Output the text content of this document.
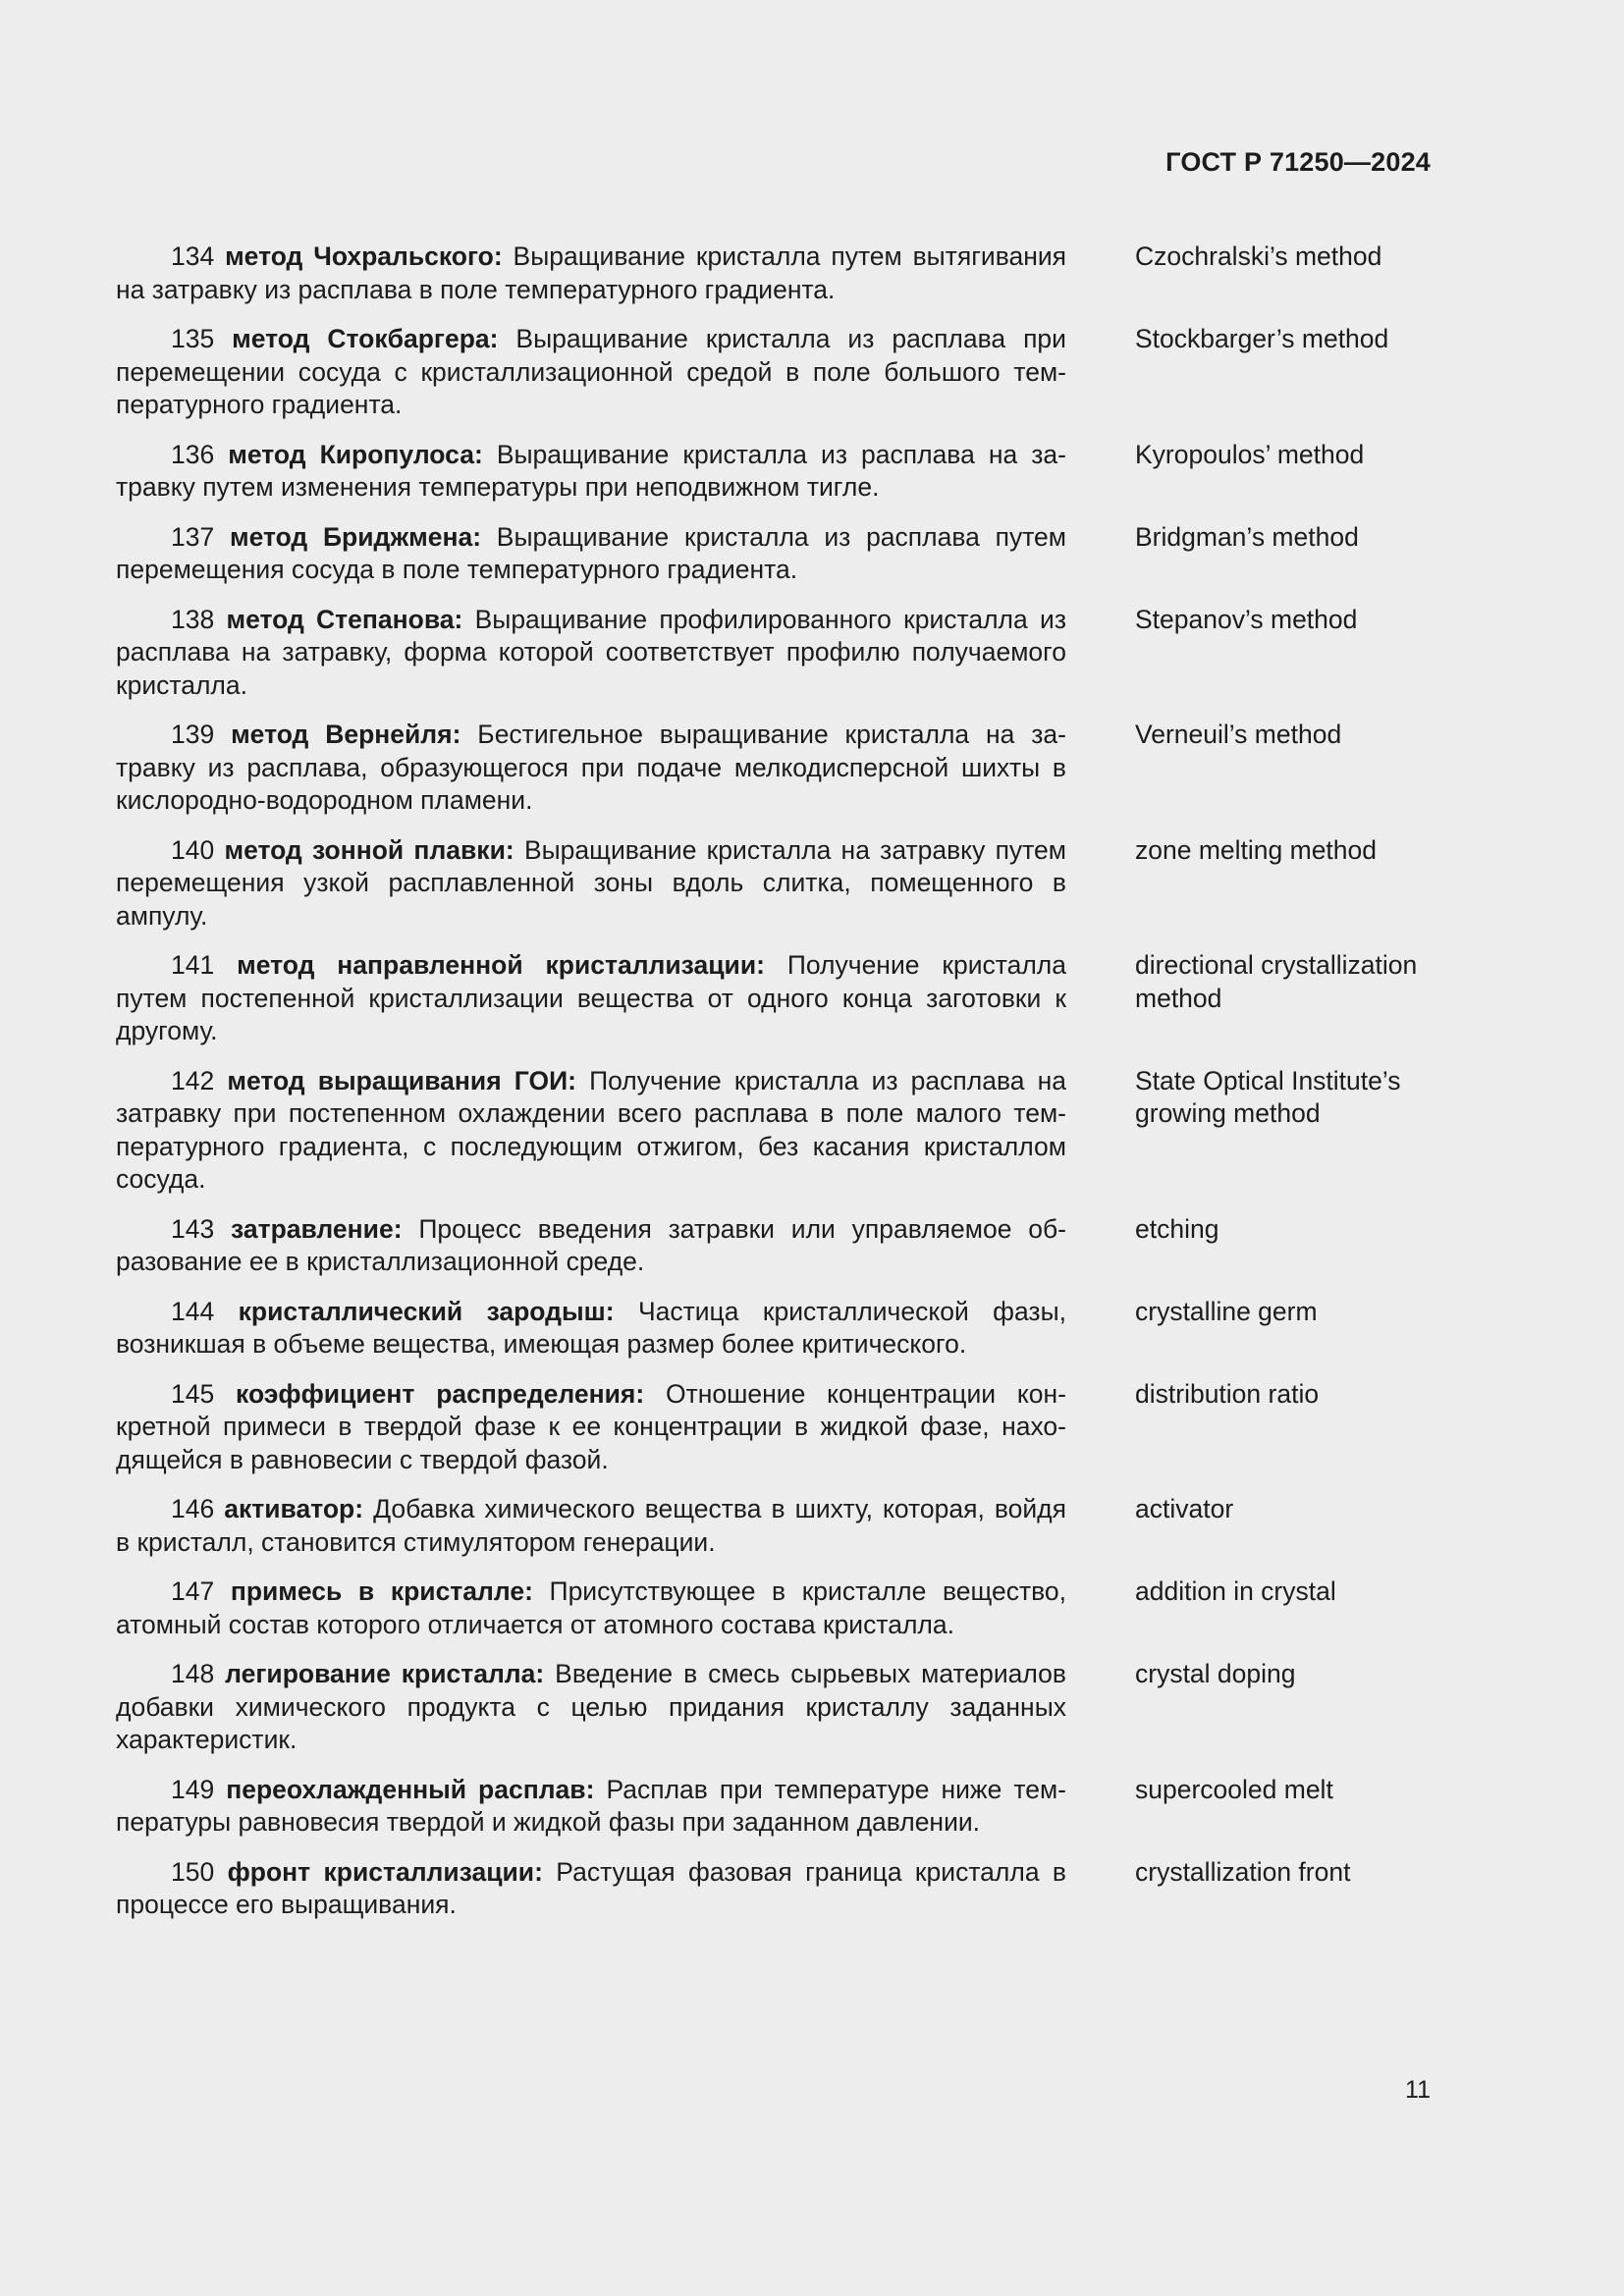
ГОСТ Р 71250—2024
134 метод Чохральского: Выращивание кристалла путем вытягивания на затравку из расплава в поле температурного градиента.
Czochralski’s method
135 метод Стокбаргера: Выращивание кристалла из расплава при перемещении сосуда с кристаллизационной средой в поле большого температурного градиента.
Stockbarger’s method
136 метод Киропулоса: Выращивание кристалла из расплава на затравку путем изменения температуры при неподвижном тигле.
Kyropoulos’ method
137 метод Бриджмена: Выращивание кристалла из расплава путем перемещения сосуда в поле температурного градиента.
Bridgman’s method
138 метод Степанова: Выращивание профилированного кристалла из расплава на затравку, форма которой соответствует профилю получаемого кристалла.
Stepanov’s method
139 метод Вернейля: Бестигельное выращивание кристалла на затравку из расплава, образующегося при подаче мелкодисперсной шихты в кислородно-водородном пламени.
Verneuil’s method
140 метод зонной плавки: Выращивание кристалла на затравку путем перемещения узкой расплавленной зоны вдоль слитка, помещенного в ампулу.
zone melting method
141 метод направленной кристаллизации: Получение кристалла путем постепенной кристаллизации вещества от одного конца заготовки к другому.
directional crystallization method
142 метод выращивания ГОИ: Получение кристалла из расплава на затравку при постепенном охлаждении всего расплава в поле малого температурного градиента, с последующим отжигом, без касания кристаллом сосуда.
State Optical Institute’s growing method
143 затравление: Процесс введения затравки или управляемое образование ее в кристаллизационной среде.
etching
144 кристаллический зародыш: Частица кристаллической фазы, возникшая в объеме вещества, имеющая размер более критического.
crystalline germ
145 коэффициент распределения: Отношение концентрации конкретной примеси в твердой фазе к ее концентрации в жидкой фазе, находящейся в равновесии с твердой фазой.
distribution ratio
146 активатор: Добавка химического вещества в шихту, которая, войдя в кристалл, становится стимулятором генерации.
activator
147 примесь в кристалле: Присутствующее в кристалле вещество, атомный состав которого отличается от атомного состава кристалла.
addition in crystal
148 легирование кристалла: Введение в смесь сырьевых материалов добавки химического продукта с целью придания кристаллу заданных характеристик.
crystal doping
149 переохлажденный расплав: Расплав при температуре ниже температуры равновесия твердой и жидкой фазы при заданном давлении.
supercooled melt
150 фронт кристаллизации: Растущая фазовая граница кристалла в процессе его выращивания.
crystallization front
11
